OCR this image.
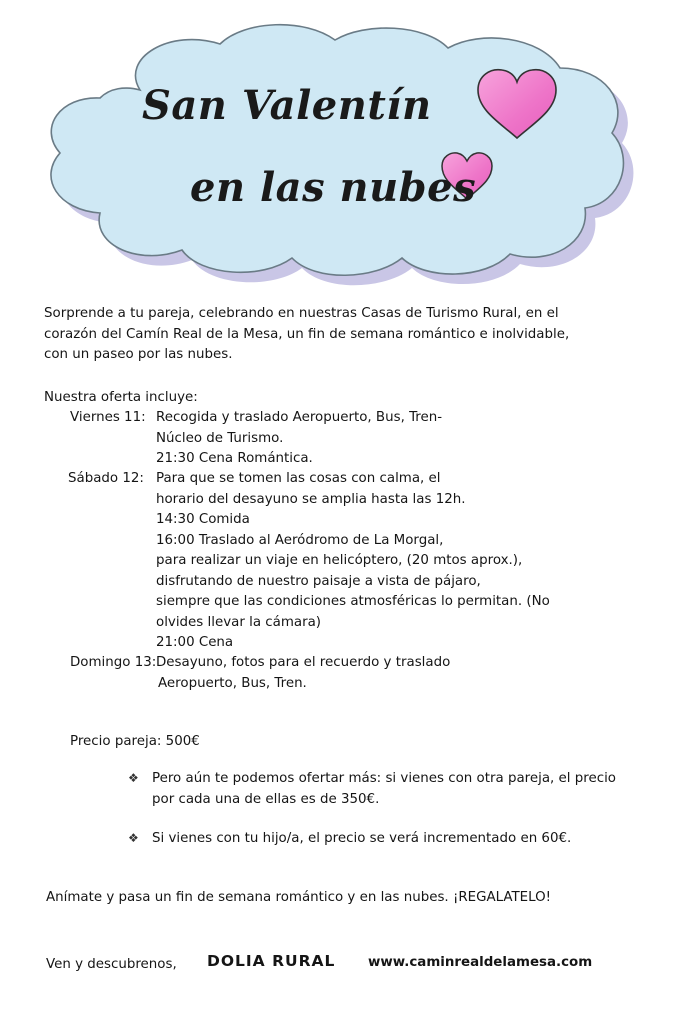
San Valentín
en las nubes
Sorprende a tu pareja, celebrando en nuestras Casas de Turismo Rural, en el
corazón del Camín Real de la Mesa, un fin de semana romántico e inolvidable,
con un paseo por las nubes.
Nuestra oferta incluye:
Viernes 11: Recogida y traslado Aeropuerto, Bus, Tren-
Núcleo de Turismo.
21:30 Cena Romántica.
Sábado 12: Para que se tomen las cosas con calma, el
horario del desayuno se amplia hasta las 12h.
14:30 Comida
16:00 Traslado al Aeródromo de La Morgal,
para realizar un viaje en helicóptero, (20 mtos aprox.),
disfrutando de nuestro paisaje a vista de pájaro,
siempre que las condiciones atmosféricas lo permitan. (No
olvides llevar la cámara)
21:00 Cena
Domingo 13: Desayuno, fotos para el recuerdo y traslado
Aeropuerto, Bus, Tren.
Precio pareja: 500€
❖ Pero aún te podemos ofertar más: si vienes con otra pareja, el precio
por cada una de ellas es de 350€.
❖ Si vienes con tu hijo/a, el precio se verá incrementado en 60€.
Anímate y pasa un fin de semana romántico y en las nubes. ¡REGALATELO!
Ven y descubrenos, DOLIA RURAL www.caminrealdelamesa.com
